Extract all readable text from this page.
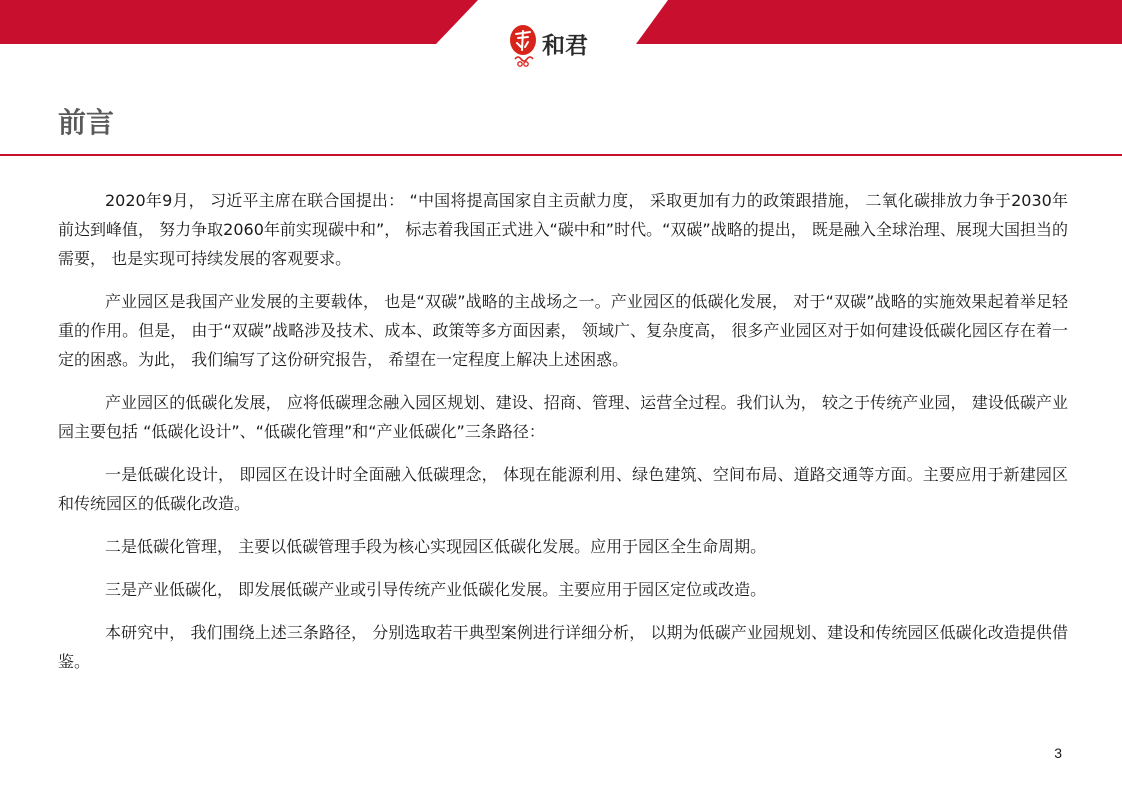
和君
前言

2020年9月， 习近平主席在联合国提出： “中国将提高国家自主贡献力度， 采取更加有力的政策跟措施， 二氧化碳排放力争于2030年前达到峰值， 努力争取2060年前实现碳中和”， 标志着我国正式进入“碳中和”时代。“双碳”战略的提出， 既是融入全球治理、展现大国担当的需要， 也是实现可持续发展的客观要求。

产业园区是我国产业发展的主要载体， 也是“双碳”战略的主战场之一。产业园区的低碳化发展， 对于“双碳”战略的实施效果起着举足轻重的作用。但是， 由于“双碳”战略涉及技术、成本、政策等多方面因素， 领域广、复杂度高， 很多产业园区对于如何建设低碳化园区存在着一定的困惑。为此， 我们编写了这份研究报告， 希望在一定程度上解决上述困惑。

产业园区的低碳化发展， 应将低碳理念融入园区规划、建设、招商、管理、运营全过程。我们认为， 较之于传统产业园， 建设低碳产业园主要包括 “低碳化设计”、“低碳化管理”和“产业低碳化”三条路径：

一是低碳化设计， 即园区在设计时全面融入低碳理念， 体现在能源利用、绿色建筑、空间布局、道路交通等方面。主要应用于新建园区和传统园区的低碳化改造。

二是低碳化管理， 主要以低碳管理手段为核心实现园区低碳化发展。应用于园区全生命周期。

三是产业低碳化， 即发展低碳产业或引导传统产业低碳化发展。主要应用于园区定位或改造。

本研究中， 我们围绕上述三条路径， 分别选取若干典型案例进行详细分析， 以期为低碳产业园规划、建设和传统园区低碳化改造提供借鉴。

3
